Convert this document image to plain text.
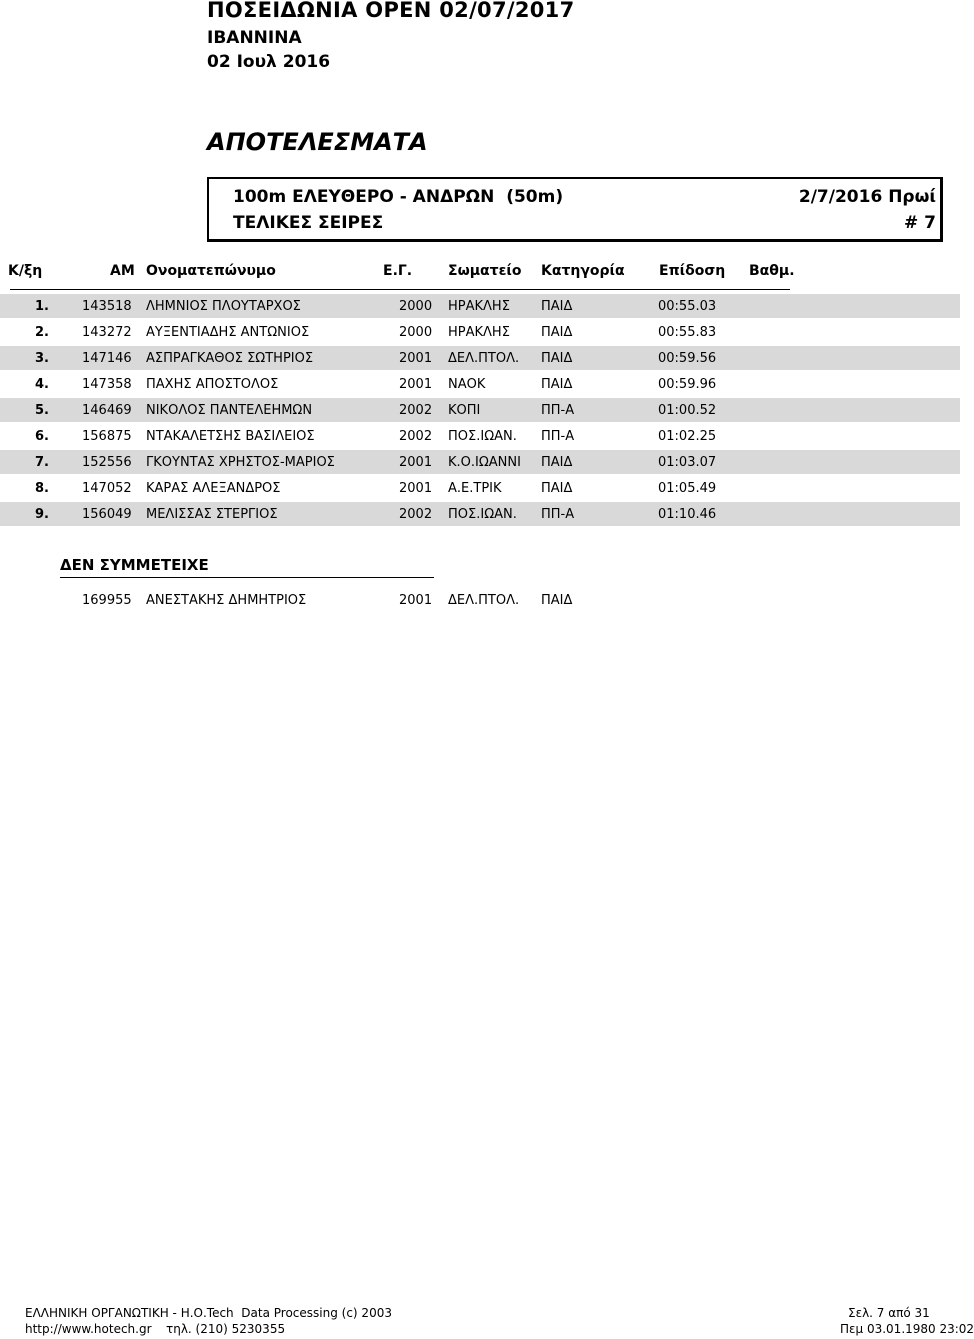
ΠΟΣΕΙΔΩΝΙΑ OPEN 02/07/2017
ΙΒΑΝΝΙΝΑ
02 Ιουλ 2016
ΑΠΟΤΕΛΕΣΜΑΤΑ
100m ΕΛΕΥΘΕΡΟ - ΑΝΔΡΩΝ  (50m)
ΤΕΛΙΚΕΣ ΣΕΙΡΕΣ
2/7/2016 Πρωί
# 7
Κ/ξη	ΑΜ Ονοματεπώνυμο	Ε.Γ.	Σωματείο Κατηγορία Επίδοση Βαθμ.
1.	143518 ΛΗΜΝΙΟΣ ΠΛΟΥΤΑΡΧΟΣ	2000 ΗΡΑΚΛΗΣ ΠΑΙΔ	00:55.03
2.	143272 ΑΥΞΕΝΤΙΑΔΗΣ ΑΝΤΩΝΙΟΣ	2000 ΗΡΑΚΛΗΣ ΠΑΙΔ	00:55.83
3.	147146 ΑΣΠΡΑΓΚΑΘΟΣ ΣΩΤΗΡΙΟΣ	2001 ΔΕΛ.ΠΤΟΛ. ΠΑΙΔ	00:59.56
4.	147358 ΠΑΧΗΣ ΑΠΟΣΤΟΛΟΣ	2001 ΝΑΟΚ	ΠΑΙΔ	00:59.96
5.	146469 ΝΙΚΟΛΟΣ ΠΑΝΤΕΛΕΗΜΩΝ	2002 ΚΟΠΙ	ΠΠ-Α	01:00.52
6.	156875 ΝΤΑΚΑΛΕΤΣΗΣ ΒΑΣΙΛΕΙΟΣ	2002 ΠΟΣ.ΙΩΑΝ. ΠΠ-Α	01:02.25
7.	152556 ΓΚΟΥΝΤΑΣ ΧΡΗΣΤΟΣ-ΜΑΡΙΟΣ	2001 Κ.Ο.ΙΩΑΝΝΙ ΠΑΙΔ	01:03.07
8.	147052 ΚΑΡΑΣ ΑΛΕΞΑΝΔΡΟΣ	2001 Α.Ε.ΤΡΙΚ	ΠΑΙΔ	01:05.49
9.	156049 ΜΕΛΙΣΣΑΣ ΣΤΕΡΓΙΟΣ	2002 ΠΟΣ.ΙΩΑΝ. ΠΠ-Α	01:10.46
ΔΕΝ ΣΥΜΜΕΤΕΙΧΕ
169955 ΑΝΕΣΤΑΚΗΣ ΔΗΜΗΤΡΙΟΣ	2001 ΔΕΛ.ΠΤΟΛ. ΠΑΙΔ
ΕΛΛΗΝΙΚΗ ΟΡΓΑΝΩΤΙΚΗ - Η.Ο.Tech  Data Processing (c) 2003
http://www.hotech.gr τηλ. (210) 5230355
Σελ. 7 από 31
Πεμ 03.01.1980 23:02
